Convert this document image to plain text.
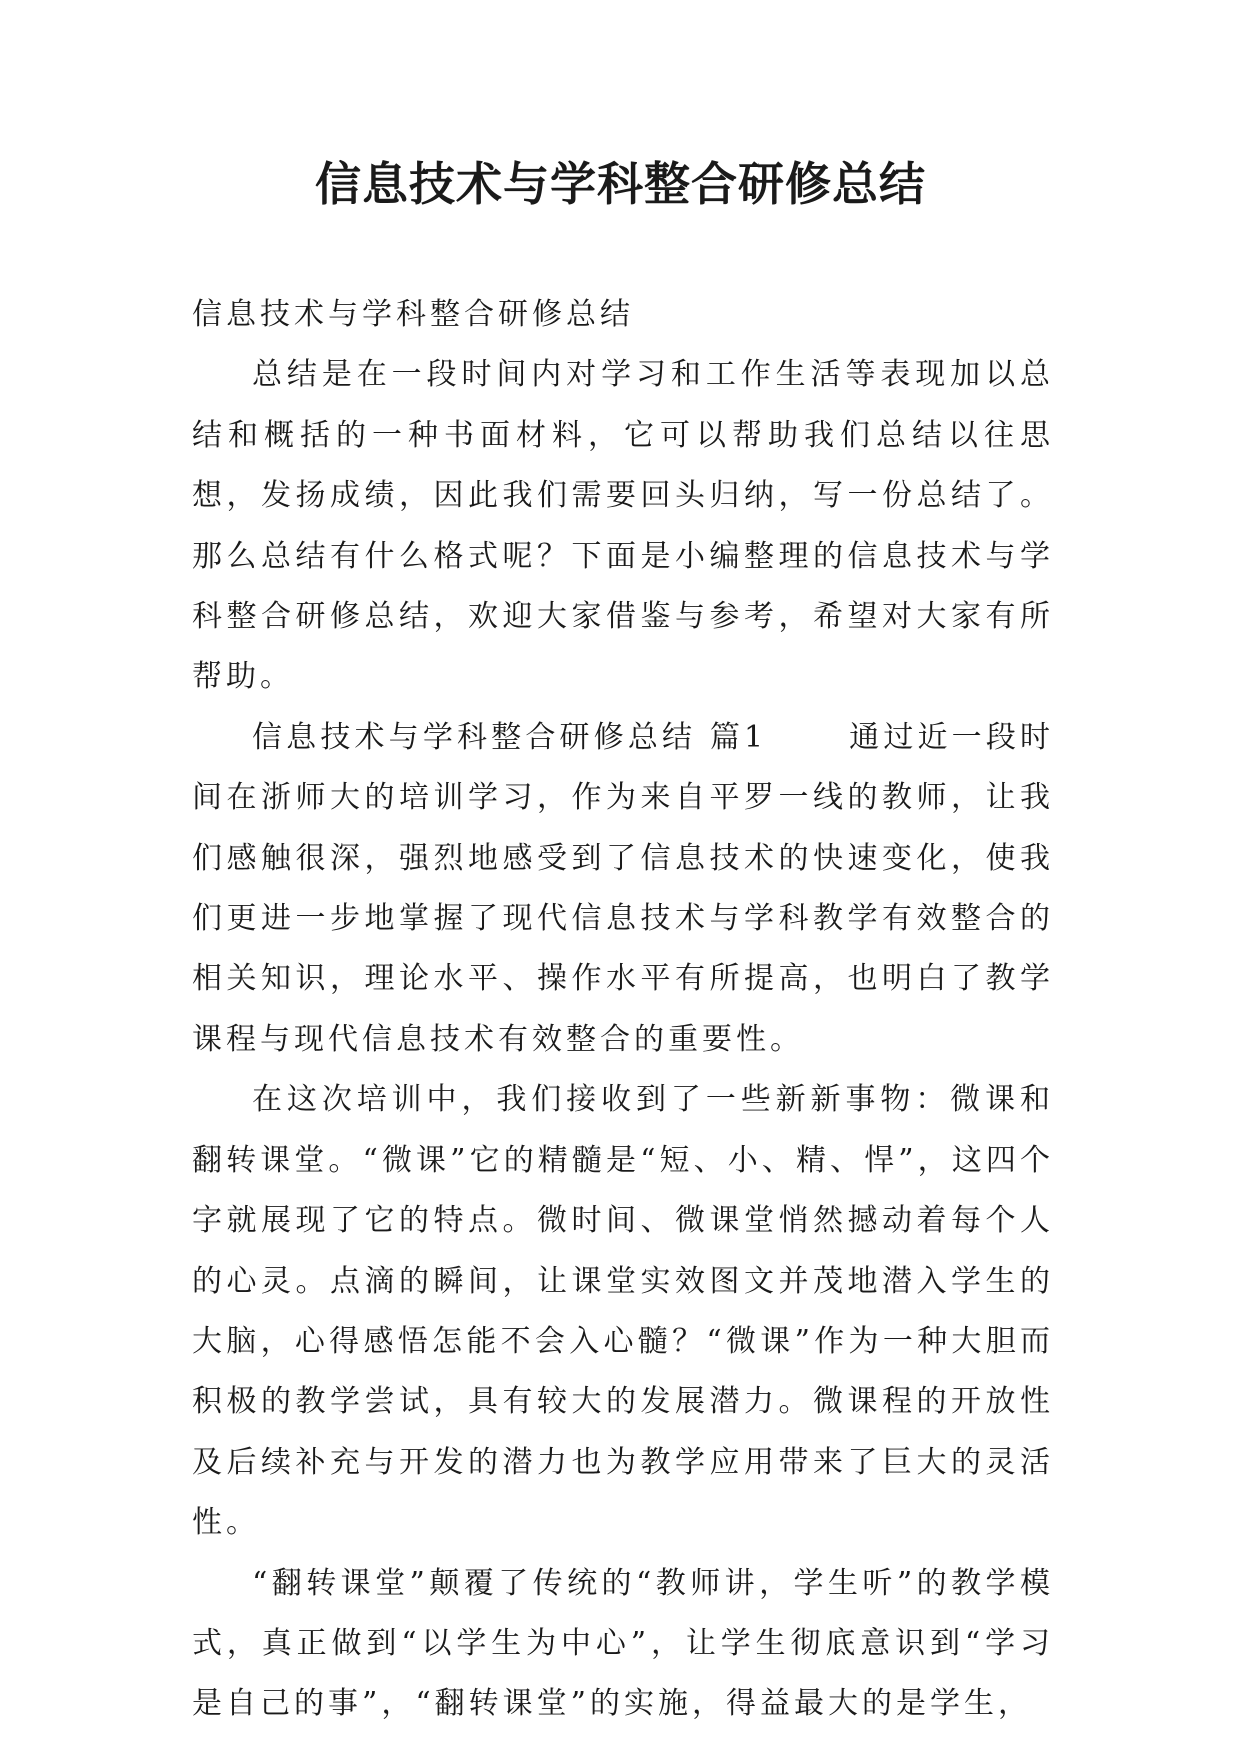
信息技术与学科整合研修总结

信息技术与学科整合研修总结

总结是在一段时间内对学习和工作生活等表现加以总结和概括的一种书面材料，它可以帮助我们总结以往思想，发扬成绩，因此我们需要回头归纳，写一份总结了。那么总结有什么格式呢？下面是小编整理的信息技术与学科整合研修总结，欢迎大家借鉴与参考，希望对大家有所帮助。

信息技术与学科整合研修总结 篇1 　　通过近一段时间在浙师大的培训学习，作为来自平罗一线的教师，让我们感触很深，强烈地感受到了信息技术的快速变化，使我们更进一步地掌握了现代信息技术与学科教学有效整合的相关知识，理论水平、操作水平有所提高，也明白了教学课程与现代信息技术有效整合的重要性。

在这次培训中，我们接收到了一些新新事物：微课和翻转课堂。“微课”它的精髓是“短、小、精、悍”，这四个字就展现了它的特点。微时间、微课堂悄然撼动着每个人的心灵。点滴的瞬间，让课堂实效图文并茂地潜入学生的大脑，心得感悟怎能不会入心髓？“微课”作为一种大胆而积极的教学尝试，具有较大的发展潜力。微课程的开放性及后续补充与开发的潜力也为教学应用带来了巨大的灵活性。

“翻转课堂”颠覆了传统的“教师讲，学生听”的教学模式，真正做到“以学生为中心”，让学生彻底意识到“学习是自己的事”，“翻转课堂”的实施，得益最大的是学生，
